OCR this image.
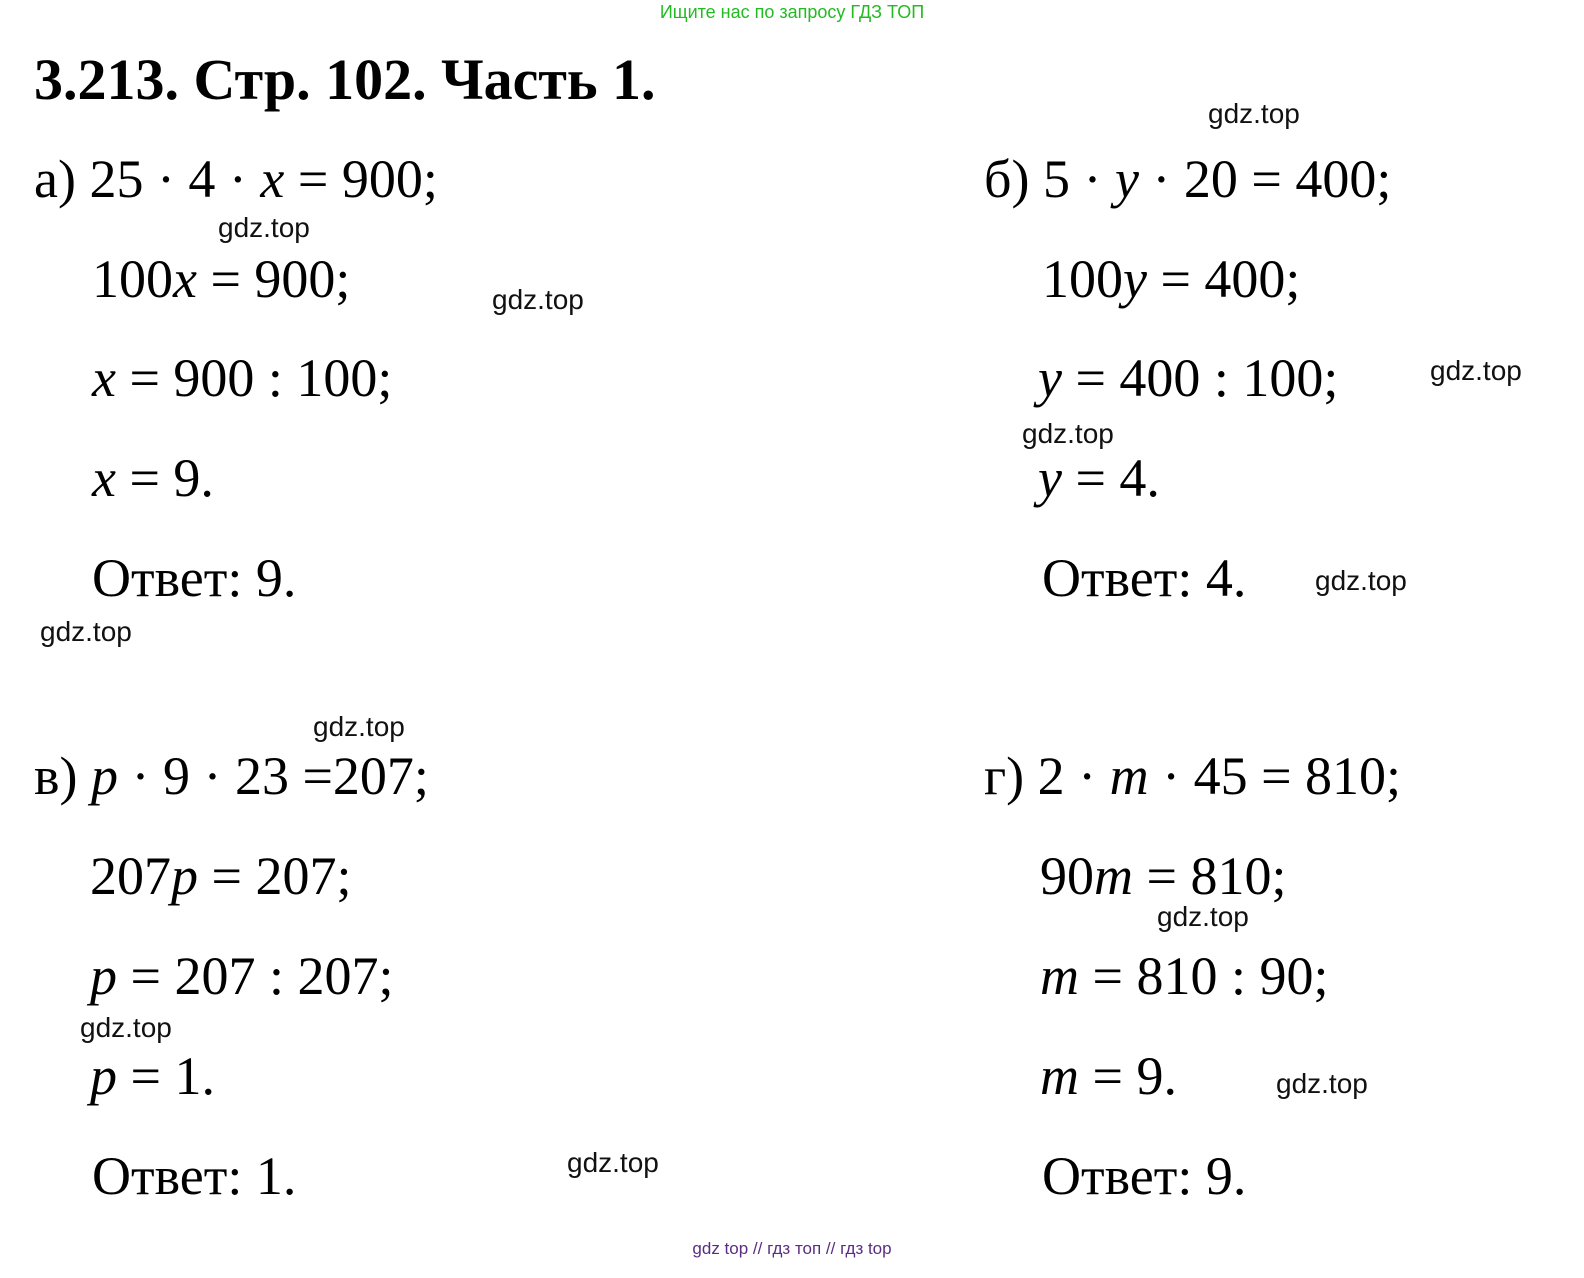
Ищите нас по запросу ГДЗ ТОП
3.213. Стр. 102. Часть 1.
gdz.top
gdz.top
gdz.top
gdz.top
gdz.top
gdz.top
gdz.top
gdz.top
gdz.top
gdz.top
gdz.top
gdz.top
а) 25 · 4 · x = 900;
100x = 900;
x = 900 : 100;
x = 9.
Ответ: 9.
б) 5 · y · 20 = 400;
100y = 400;
y = 400 : 100;
y = 4.
Ответ: 4.
в) p · 9 · 23 =207;
207p = 207;
p = 207 : 207;
p = 1.
Ответ: 1.
г) 2 · m · 45 = 810;
90m = 810;
m = 810 : 90;
m = 9.
Ответ: 9.
gdz top // гдз топ // гдз top
